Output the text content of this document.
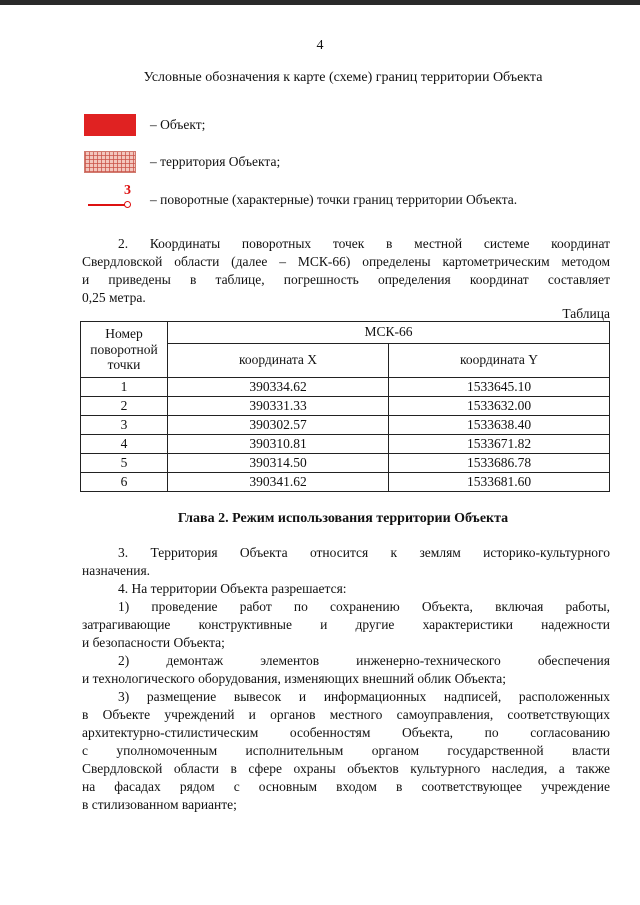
4
Условные обозначения к карте (схеме) границ территории Объекта
– Объект;
– территория Объекта;
3
– поворотные (характерные) точки границ территории Объекта.

2. Координаты поворотных точек в местной системе координат

Свердловской области (далее – МСК-66) определены картометрическим методом

и приведены в таблице, погрешность определения координат составляет

0,25 метра.

Таблица
Номер поворотной точки	МСК-66	
	координата X	координата Y
1	390334.62	1533645.10
2	390331.33	1533632.00
3	390302.57	1533638.40
4	390310.81	1533671.82
5	390314.50	1533686.78
6	390341.62	1533681.60
Глава 2. Режим использования территории Объекта

3. Территория Объекта относится к землям историко-культурного

назначения.

4. На территории Объекта разрешается:

1) проведение работ по сохранению Объекта, включая работы,

затрагивающие конструктивные и другие характеристики надежности

и безопасности Объекта;

2) демонтаж элементов инженерно-технического обеспечения

и технологического оборудования, изменяющих внешний облик Объекта;

3) размещение вывесок и информационных надписей, расположенных

в Объекте учреждений и органов местного самоуправления, соответствующих

архитектурно-стилистическим особенностям Объекта, по согласованию

с уполномоченным исполнительным органом государственной власти

Свердловской области в сфере охраны объектов культурного наследия, а также

на фасадах рядом с основным входом в соответствующее учреждение

в стилизованном варианте;
